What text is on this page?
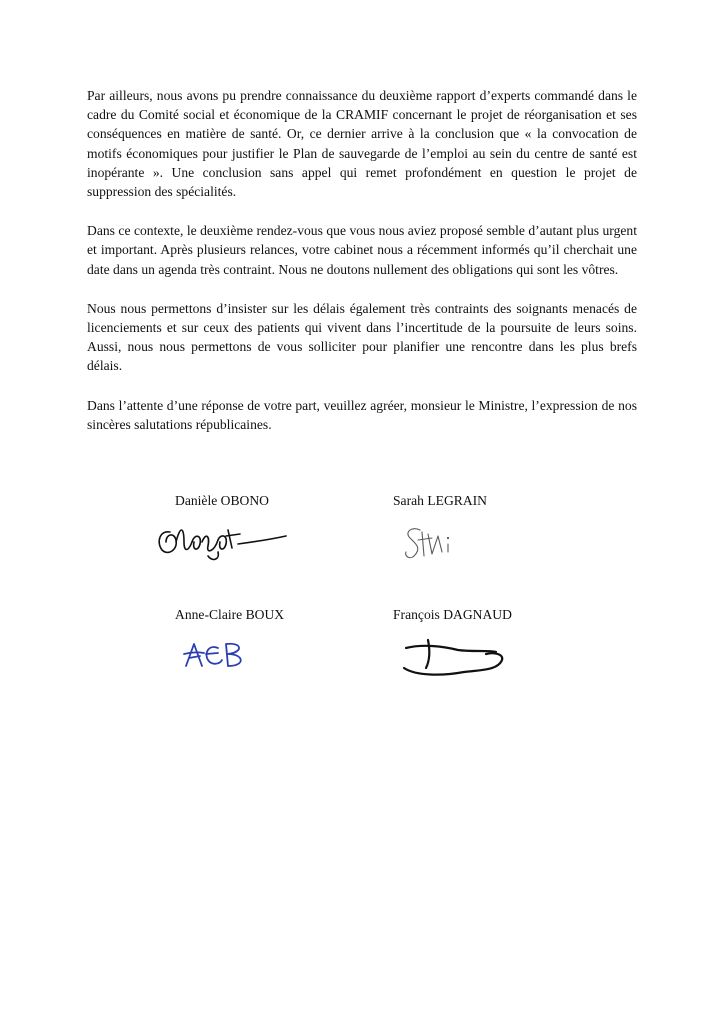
Par ailleurs, nous avons pu prendre connaissance du deuxième rapport d’experts commandé dans le cadre du Comité social et économique de la CRAMIF concernant le projet de réorganisation et ses conséquences en matière de santé. Or, ce dernier arrive à la conclusion que « la convocation de motifs économiques pour justifier le Plan de sauvegarde de l’emploi au sein du centre de santé est inopérante ». Une conclusion sans appel qui remet profondément en question le projet de suppression des spécialités.

Dans ce contexte, le deuxième rendez-vous que vous nous aviez proposé semble d’autant plus urgent et important. Après plusieurs relances, votre cabinet nous a récemment informés qu’il cherchait une date dans un agenda très contraint. Nous ne doutons nullement des obligations qui sont les vôtres.

Nous nous permettons d’insister sur les délais également très contraints des soignants menacés de licenciements et sur ceux des patients qui vivent dans l’incertitude de la poursuite de leurs soins. Aussi, nous nous permettons de vous solliciter pour planifier une rencontre dans les plus brefs délais.

Dans l’attente d’une réponse de votre part, veuillez agréer, monsieur le Ministre, l’expression de nos sincères salutations républicaines.

Danièle OBONO	Sarah LEGRAIN
Anne-Claire BOUX	François DAGNAUD
